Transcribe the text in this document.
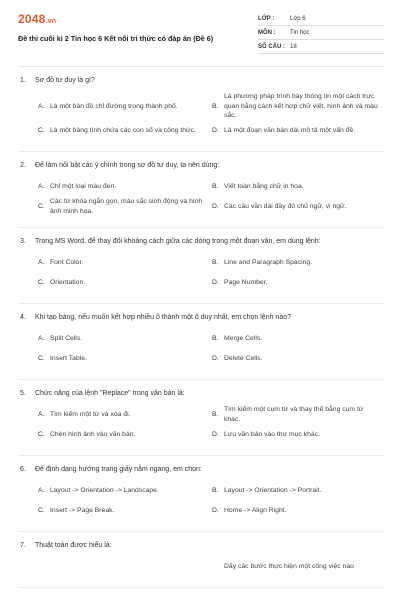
2048.vn
Đề thi cuối kì 2 Tin học 6 Kết nối tri thức có đáp án (Đề 6)
LỚP :	Lớp 6
MÔN :	Tin học
SỐ CÂU : 18
1.	Sơ đồ tư duy là gì?
A. Là một bản đồ chỉ đường trong thành phố.	B.
Là phương pháp trình bày thông tin một cách trực quan bằng cách kết hợp chữ viết, hình ảnh và màu sắc.
C. Là một bảng tính chứa các con số và công thức.	D. Là một đoạn văn bản dài mô tả một vấn đề.
2.	Để làm nổi bật các ý chính trong sơ đồ tư duy, ta nên dùng:
A. Chỉ một loại màu đen.	B. Viết toàn bằng chữ in hoa.
C.
Các từ khóa ngắn gọn, màu sắc sinh động và hình ảnh minh họa.
D. Các câu văn dài đầy đủ chủ ngữ, vị ngữ.
3.	Trong MS Word, để thay đổi khoảng cách giữa các dòng trong một đoạn văn, em dùng lệnh:
A. Font Color.	B. Line and Paragraph Spacing.
C. Orientation.	D. Page Number.
4.	Khi tạo bảng, nếu muốn kết hợp nhiều ô thành một ô duy nhất, em chọn lệnh nào?
A. Split Cells.	B. Merge Cells.
C. Insert Table.	D. Delete Cells.
5.	Chức năng của lệnh "Replace" trong văn bản là:
A. Tìm kiếm một từ và xóa đi.	B.
Tìm kiếm một cụm từ và thay thế bằng cụm từ khác.
C. Chèn hình ảnh vào văn bản.	D. Lưu văn bản vào thư mục khác.
6.	Để định dạng hướng trang giấy nằm ngang, em chọn:
A. Layout -> Orientation -> Landscape.	B. Layout -> Orientation -> Portrait.
C. Insert -> Page Break.	D. Home -> Align Right.
7.	Thuật toán được hiểu là:
Dãy các bước thực hiện một công việc nào
